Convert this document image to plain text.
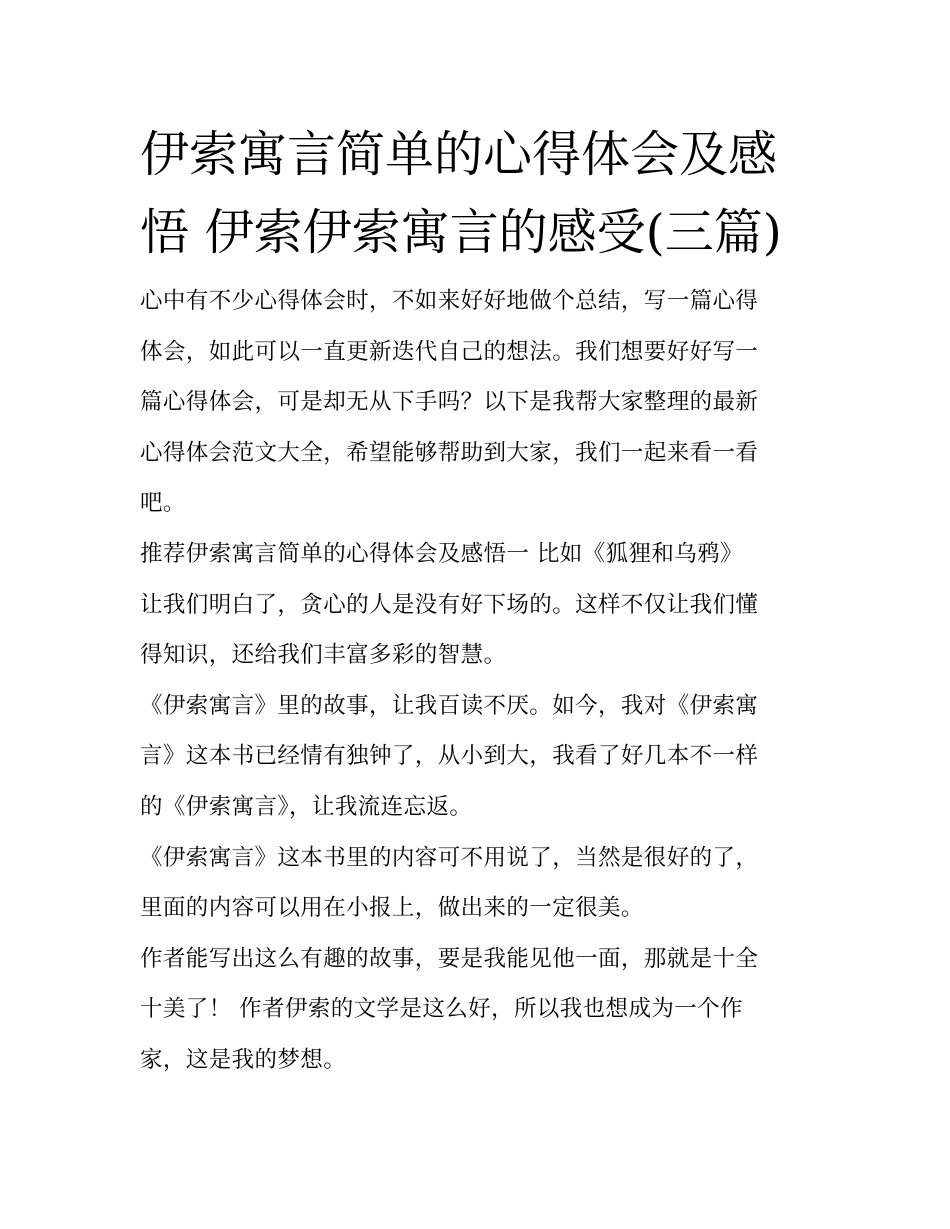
伊索寓言简单的心得体会及感
悟 伊索伊索寓言的感受(三篇)
心中有不少心得体会时，不如来好好地做个总结，写一篇心得
体会，如此可以一直更新迭代自己的想法。我们想要好好写一
篇心得体会，可是却无从下手吗？以下是我帮大家整理的最新
心得体会范文大全，希望能够帮助到大家，我们一起来看一看
吧。
推荐伊索寓言简单的心得体会及感悟一 比如《狐狸和乌鸦》
让我们明白了，贪心的人是没有好下场的。这样不仅让我们懂
得知识，还给我们丰富多彩的智慧。
《伊索寓言》里的故事，让我百读不厌。如今，我对《伊索寓
言》这本书已经情有独钟了，从小到大，我看了好几本不一样
的《伊索寓言》，让我流连忘返。
《伊索寓言》这本书里的内容可不用说了，当然是很好的了，
里面的内容可以用在小报上，做出来的一定很美。
作者能写出这么有趣的故事，要是我能见他一面，那就是十全
十美了！ 作者伊索的文学是这么好，所以我也想成为一个作
家，这是我的梦想。
